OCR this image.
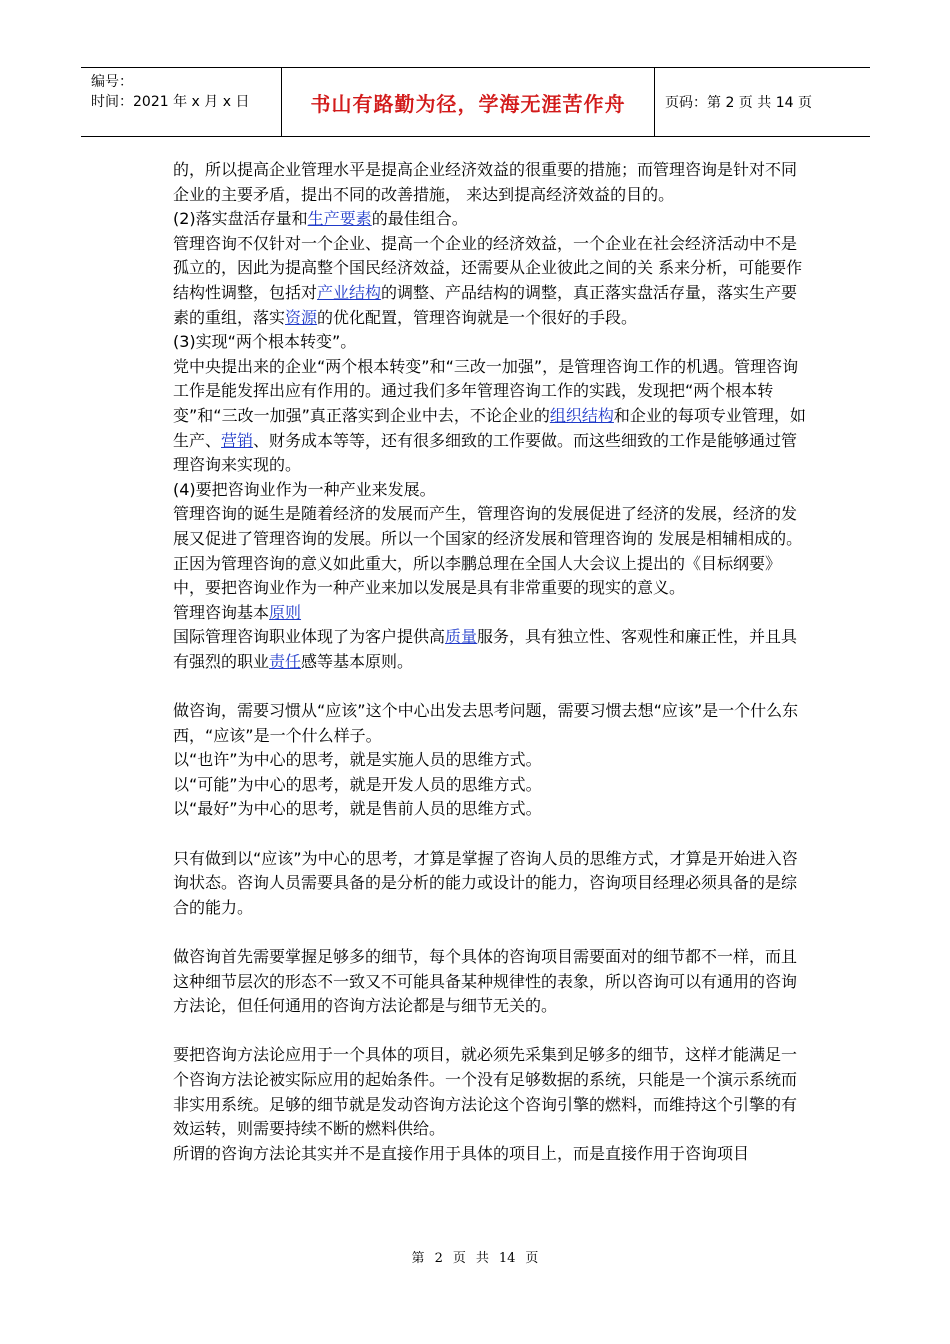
编号：
时间：2021 年 x 月 x 日	书山有路勤为径，学海无涯苦作舟	页码：第 2 页 共 14 页

的，所以提高企业管理水平是提高企业经济效益的很重要的措施；而管理咨询是针对不同企业的主要矛盾，提出不同的改善措施， 来达到提高经济效益的目的。

(2)落实盘活存量和生产要素的最佳组合。

管理咨询不仅针对一个企业、提高一个企业的经济效益，一个企业在社会经济活动中不是孤立的，因此为提高整个国民经济效益，还需要从企业彼此之间的关 系来分析，可能要作结构性调整，包括对产业结构的调整、产品结构的调整，真正落实盘活存量，落实生产要素的重组，落实资源的优化配置，管理咨询就是一个很好的手段。

(3)实现“两个根本转变”。

党中央提出来的企业“两个根本转变”和“三改一加强”，是管理咨询工作的机遇。管理咨询工作是能发挥出应有作用的。通过我们多年管理咨询工作的实践，发现把“两个根本转变”和“三改一加强”真正落实到企业中去，不论企业的组织结构和企业的每项专业管理，如生产、营销、财务成本等等，还有很多细致的工作要做。而这些细致的工作是能够通过管理咨询来实现的。

(4)要把咨询业作为一种产业来发展。

管理咨询的诞生是随着经济的发展而产生，管理咨询的发展促进了经济的发展，经济的发展又促进了管理咨询的发展。所以一个国家的经济发展和管理咨询的 发展是相辅相成的。正因为管理咨询的意义如此重大，所以李鹏总理在全国人大会议上提出的《目标纲要》中，要把咨询业作为一种产业来加以发展是具有非常重要的现实的意义。

管理咨询基本原则

国际管理咨询职业体现了为客户提供高质量服务，具有独立性、客观性和廉正性，并且具有强烈的职业责任感等基本原则。

做咨询，需要习惯从“应该”这个中心出发去思考问题，需要习惯去想“应该”是一个什么东西，“应该”是一个什么样子。

以“也许”为中心的思考，就是实施人员的思维方式。

以“可能”为中心的思考，就是开发人员的思维方式。

以“最好”为中心的思考，就是售前人员的思维方式。

只有做到以“应该”为中心的思考，才算是掌握了咨询人员的思维方式，才算是开始进入咨询状态。咨询人员需要具备的是分析的能力或设计的能力，咨询项目经理必须具备的是综合的能力。

做咨询首先需要掌握足够多的细节，每个具体的咨询项目需要面对的细节都不一样，而且这种细节层次的形态不一致又不可能具备某种规律性的表象，所以咨询可以有通用的咨询方法论，但任何通用的咨询方法论都是与细节无关的。

要把咨询方法论应用于一个具体的项目，就必须先采集到足够多的细节，这样才能满足一个咨询方法论被实际应用的起始条件。一个没有足够数据的系统，只能是一个演示系统而非实用系统。足够的细节就是发动咨询方法论这个咨询引擎的燃料，而维持这个引擎的有效运转，则需要持续不断的燃料供给。

所谓的咨询方法论其实并不是直接作用于具体的项目上，而是直接作用于咨询项目

第 2 页 共 14 页
